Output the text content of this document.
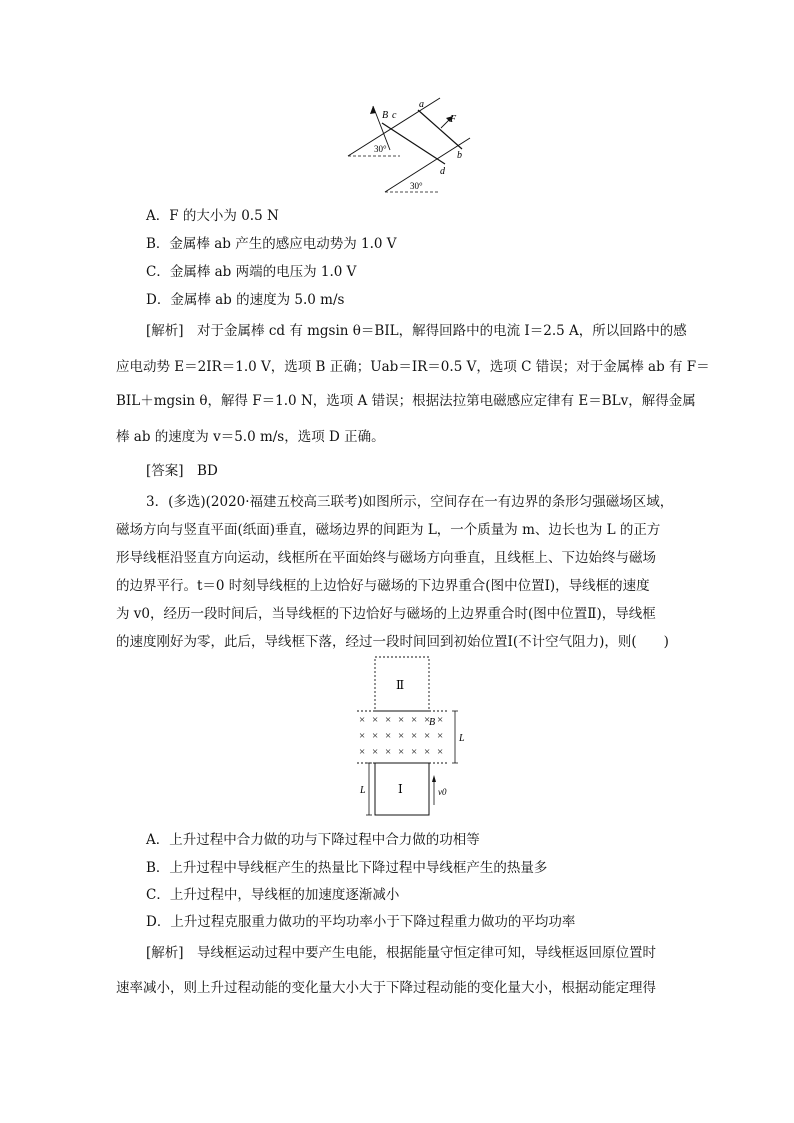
B c
a
F
d
b
30°
30°
A．F 的大小为 0.5 N
B．金属棒 ab 产生的感应电动势为 1.0 V
C．金属棒 ab 两端的电压为 1.0 V
D．金属棒 ab 的速度为 5.0 m/s
[解析]　对于金属棒 cd 有 mgsin θ＝BIL，解得回路中的电流 I＝2.5 A，所以回路中的感
应电动势 E＝2IR＝1.0 V，选项 B 正确；Uab＝IR＝0.5 V，选项 C 错误；对于金属棒 ab 有 F＝
BIL＋mgsin θ，解得 F＝1.0 N，选项 A 错误；根据法拉第电磁感应定律有 E＝BLv，解得金属
棒 ab 的速度为 v＝5.0 m/s，选项 D 正确。
[答案]　BD
3．(多选)(2020·福建五校高三联考)如图所示，空间存在一有边界的条形匀强磁场区域，
磁场方向与竖直平面(纸面)垂直，磁场边界的间距为 L，一个质量为 m、边长也为 L 的正方
形导线框沿竖直方向运动，线框所在平面始终与磁场方向垂直，且线框上、下边始终与磁场
的边界平行。t＝0 时刻导线框的上边恰好与磁场的下边界重合(图中位置Ⅰ)，导线框的速度
为 v0，经历一段时间后，当导线框的下边恰好与磁场的上边界重合时(图中位置Ⅱ)，导线框
的速度刚好为零，此后，导线框下落，经过一段时间回到初始位置Ⅰ(不计空气阻力)，则(　　)
Ⅱ
× × × × × × ×
× × × × × × ×
× × × × × × ×
B
L
Ⅰ
L	v0
A．上升过程中合力做的功与下降过程中合力做的功相等
B．上升过程中导线框产生的热量比下降过程中导线框产生的热量多
C．上升过程中，导线框的加速度逐渐减小
D．上升过程克服重力做功的平均功率小于下降过程重力做功的平均功率
[解析]　导线框运动过程中要产生电能，根据能量守恒定律可知，导线框返回原位置时
速率减小，则上升过程动能的变化量大小大于下降过程动能的变化量大小，根据动能定理得
